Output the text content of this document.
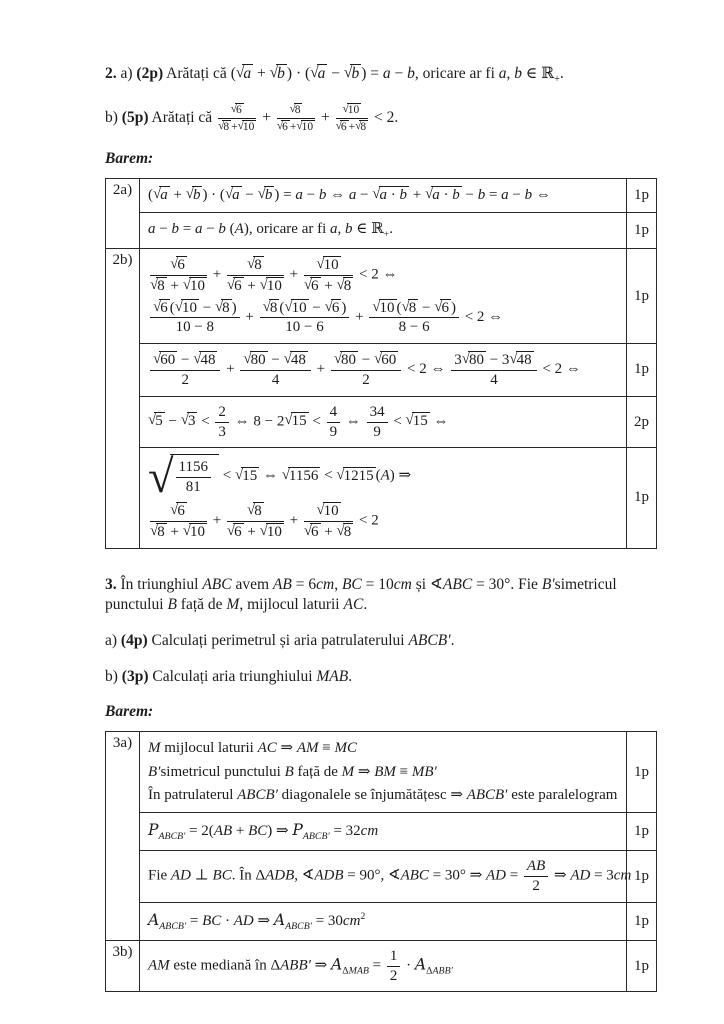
2. a) (2p) Arătați că (√a + √b ) · (√a − √b ) = a − b, oricare ar fi a, b ∈ ℝ$_+$.
b) (5p) Arătați că $\frac{√6}{√8 +√10} + \frac{√8}{√6 +√10} + \frac{√10}{√6 +√8} < 2$.
Barem:
2a)	(√a + √b ) · (√a − √b ) = a − b ⇔ a − √a · b + √a · b − b = a − b ⇔	1p
a − b = a − b (A), oricare ar fi a, b ∈ ℝ$_+$.	1p
2b)	$\frac{√6}{√8 + √10} + \frac{√8}{√6 + √10} + \frac{√10}{√6 + √8} < 2$ ⇔
$\frac{√6 (√10 - √8 )}{10 - 8} + \frac{√8 (√10 - √6 )}{10 - 6} + \frac{√10 (√8 - √6 )}{8 - 6} < 2$ ⇔
1p
$\frac{√60 - √48}{2} + \frac{√80 - √48}{4} + \frac{√80 - √60}{2} < 2$ ⇔ $\frac{3√80 - 3√48}{4} < 2$ ⇔	1p
$√5 - √3 < \frac{2}{3}$ ⇔ $8 - 2√15 < \frac{4}{9}$ ⇔ $\frac{34}{9} < √15$ ⇔	2p
√ $\frac{1156}{81} < √15$ ⇔ √1156 < √1215 (A) ⇒
$\frac{√6}{√8 + √10} + \frac{√8}{√6 + √10} + \frac{√10}{√6 + √8} < 2$
1p
3. În triunghiul ABC avem AB = 6cm, BC = 10cm și ∢ABC = 30°. Fie B′simetricul punctului B față de M, mijlocul laturii AC.
a) (4p) Calculați perimetrul și aria patrulaterului ABCB′.
b) (3p) Calculați aria triunghiului MAB.
Barem:
3a)	M mijlocul laturii AC ⇒ AM ≡ MC
B′simetricul punctului B față de M ⇒ BM ≡ MB′
În patrulaterul ABCB′ diagonalele se înjumătățesc ⇒ ABCB′ este paralelogram
1p
$P_{ABCB'} = 2(AB + BC)$ ⇒ $P_{ABCB'} = 32cm$	1p
Fie AD ⊥ BC. În ΔADB, ∢ADB = 90°, ∢ABC = 30° ⇒ AD = $\frac{AB}{2}$ ⇒ AD = 3cm 1p
$A_{ABCB'}$ = BC · AD ⇒ $A_{ABCB'} = 30cm^2$	1p
3b)
AM este mediană în ΔABB′ ⇒ $A_{\Delta MAB} = \frac{1}{2} \cdot A_{\Delta ABB'}$	1p
